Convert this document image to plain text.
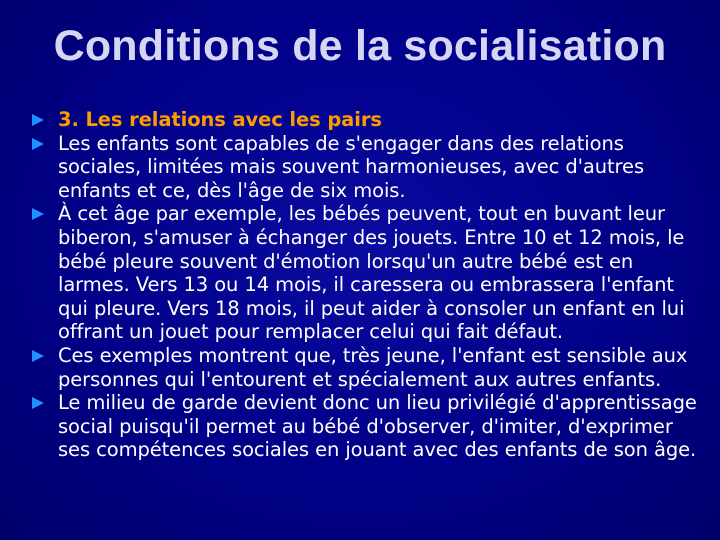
Conditions de la socialisation
3. Les relations avec les pairs
Les enfants sont capables de s'engager dans des relations sociales, limitées mais souvent harmonieuses, avec d'autres enfants et ce, dès l'âge de six mois.
À cet âge par exemple, les bébés peuvent, tout en buvant leur biberon, s'amuser à échanger des jouets. Entre 10 et 12 mois, le bébé pleure souvent d'émotion lorsqu'un autre bébé est en larmes. Vers 13 ou 14 mois, il caressera ou embrassera l'enfant qui pleure. Vers 18 mois, il peut aider à consoler un enfant en lui offrant un jouet pour remplacer celui qui fait défaut.
Ces exemples montrent que, très jeune, l'enfant est sensible aux personnes qui l'entourent et spécialement aux autres enfants.
Le milieu de garde devient donc un lieu privilégié d'apprentissage social puisqu'il permet au bébé d'observer, d'imiter, d'exprimer ses compétences sociales en jouant avec des enfants de son âge.
